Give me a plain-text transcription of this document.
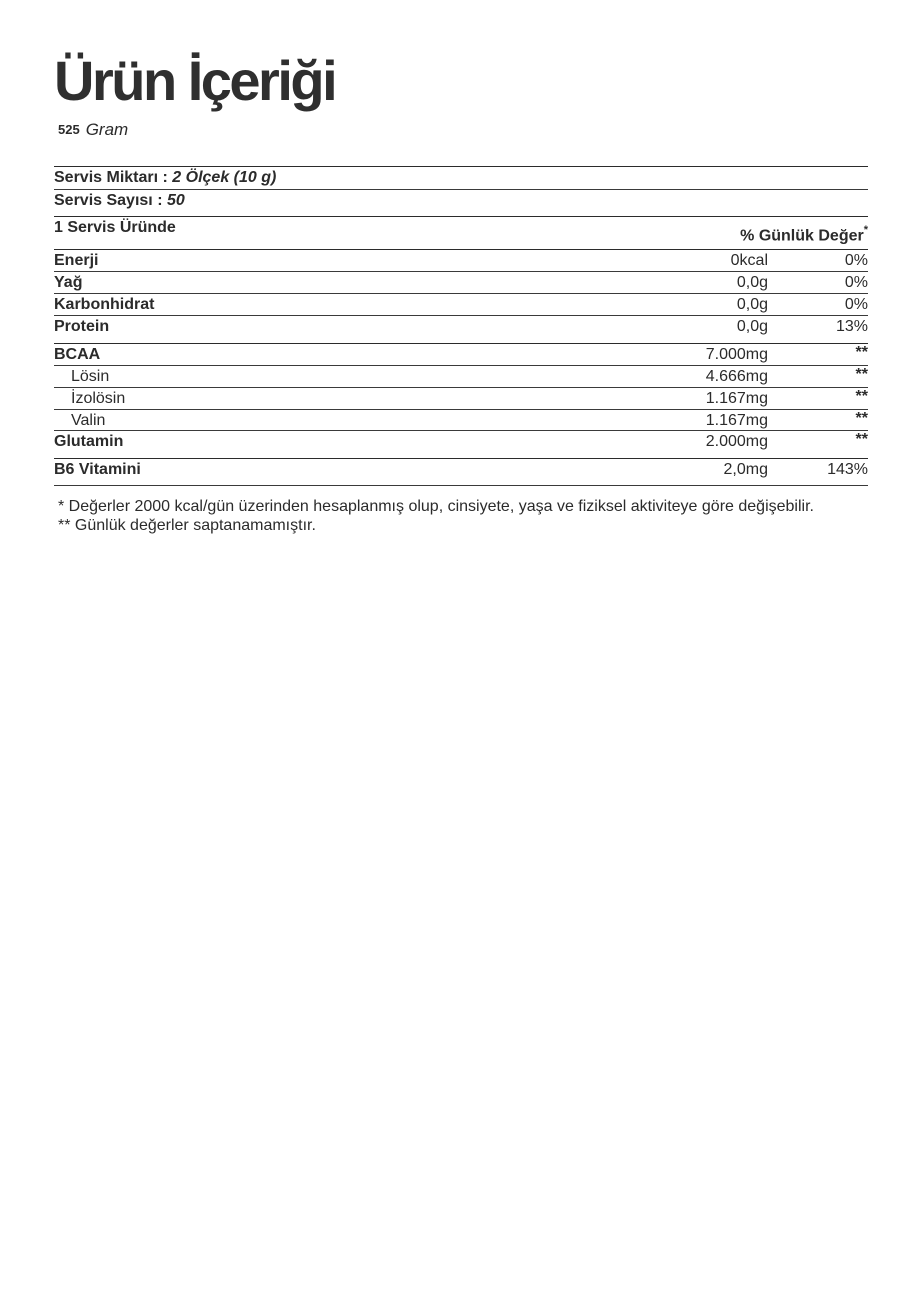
Ürün İçeriği
525 Gram
Servis Miktarı : 2 Ölçek (10 g)
Servis Sayısı : 50
1 Servis Üründe	% Günlük Değer*
Enerji	0kcal	0%
Yağ	0,0g	0%
Karbonhidrat	0,0g	0%
Protein	0,0g	13%
BCAA	7.000mg	**
Lösin	4.666mg	**
İzolösin	1.167mg	**
Valin	1.167mg	**
Glutamin	2.000mg	**
B6 Vitamini	2,0mg	143%
* Değerler 2000 kcal/gün üzerinden hesaplanmış olup, cinsiyete, yaşa ve fiziksel aktiviteye göre değişebilir.
** Günlük değerler saptanamamıştır.
